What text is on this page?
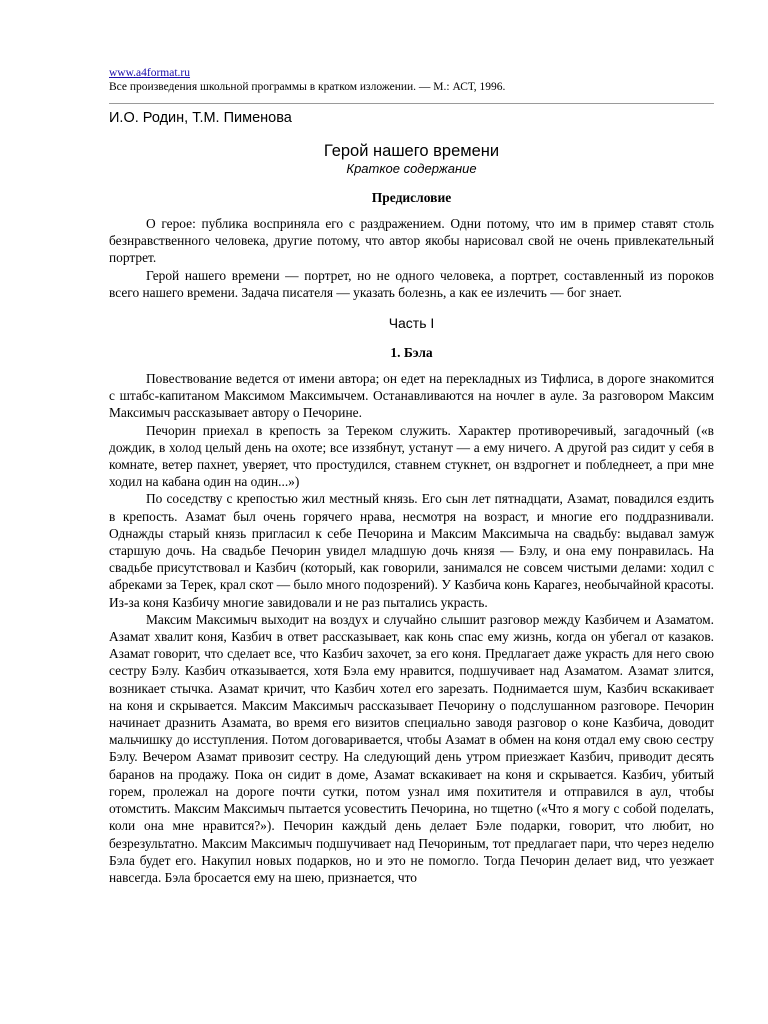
www.a4format.ru
Все произведения школьной программы в кратком изложении. — М.: АСТ, 1996.
И.О. Родин, Т.М. Пименова
Герой нашего времени
Краткое содержание
Предисловие

О герое: публика восприняла его с раздражением. Одни потому, что им в пример ставят столь безнравственного человека, другие потому, что автор якобы нарисовал свой не очень привлекательный портрет.

Герой нашего времени — портрет, но не одного человека, а портрет, составленный из пороков всего нашего времени. Задача писателя — указать болезнь, а как ее излечить — бог знает.

Часть I
1. Бэла

Повествование ведется от имени автора; он едет на перекладных из Тифлиса, в дороге знакомится с штабс-капитаном Максимом Максимычем. Останавливаются на ночлег в ауле. За разговором Максим Максимыч рассказывает автору о Печорине.

Печорин приехал в крепость за Тереком служить. Характер противоречивый, загадочный («в дождик, в холод целый день на охоте; все иззябнут, устанут — а ему ничего. А другой раз сидит у себя в комнате, ветер пахнет, уверяет, что простудился, ставнем стукнет, он вздрогнет и побледнеет, а при мне ходил на кабана один на один...»)

По соседству с крепостью жил местный князь. Его сын лет пятнадцати, Азамат, повадился ездить в крепость. Азамат был очень горячего нрава, несмотря на возраст, и многие его поддразнивали. Однажды старый князь пригласил к себе Печорина и Максим Максимыча на свадьбу: выдавал замуж старшую дочь. На свадьбе Печорин увидел младшую дочь князя — Бэлу, и она ему понравилась. На свадьбе присутствовал и Казбич (который, как говорили, занимался не совсем чистыми делами: ходил с абреками за Терек, крал скот — было много подозрений). У Казбича конь Карагез, необычайной красоты. Из-за коня Казбичу многие завидовали и не раз пытались украсть.

Максим Максимыч выходит на воздух и случайно слышит разговор между Казбичем и Азаматом. Азамат хвалит коня, Казбич в ответ рассказывает, как конь спас ему жизнь, когда он убегал от казаков. Азамат говорит, что сделает все, что Казбич захочет, за его коня. Предлагает даже украсть для него свою сестру Бэлу. Казбич отказывается, хотя Бэла ему нравится, подшучивает над Азаматом. Азамат злится, возникает стычка. Азамат кричит, что Казбич хотел его зарезать. Поднимается шум, Казбич вскакивает на коня и скрывается. Максим Максимыч рассказывает Печорину о подслушанном разговоре. Печорин начинает дразнить Азамата, во время его визитов специально заводя разговор о коне Казбича, доводит мальчишку до исступления. Потом договаривается, чтобы Азамат в обмен на коня отдал ему свою сестру Бэлу. Вечером Азамат привозит сестру. На следующий день утром приезжает Казбич, приводит десять баранов на продажу. Пока он сидит в доме, Азамат вскакивает на коня и скрывается. Казбич, убитый горем, пролежал на дороге почти сутки, потом узнал имя похитителя и отправился в аул, чтобы отомстить. Максим Максимыч пытается усовестить Печорина, но тщетно («Что я могу с собой поделать, коли она мне нравится?»). Печорин каждый день делает Бэле подарки, говорит, что любит, но безрезультатно. Максим Максимыч подшучивает над Печориным, тот предлагает пари, что через неделю Бэла будет его. Накупил новых подарков, но и это не помогло. Тогда Печорин делает вид, что уезжает навсегда. Бэла бросается ему на шею, признается, что
